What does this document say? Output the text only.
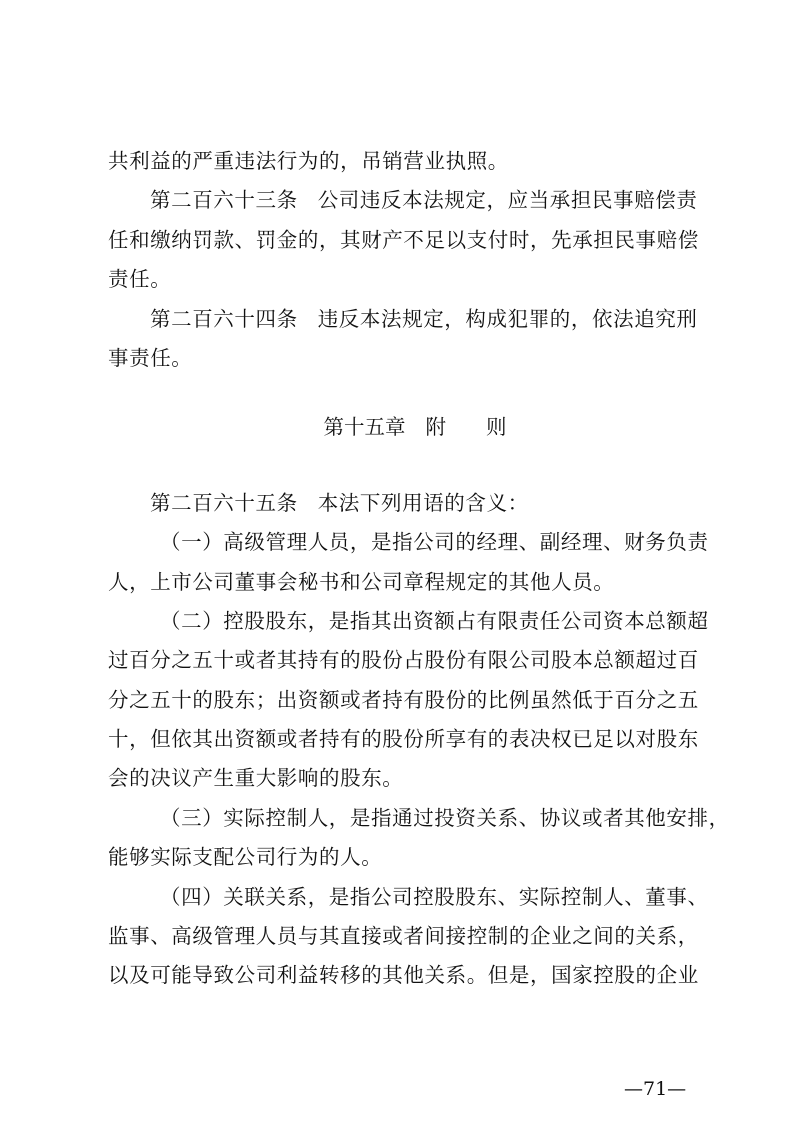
共利益的严重违法行为的，吊销营业执照。
第二百六十三条 公司违反本法规定，应当承担民事赔偿责
任和缴纳罚款、罚金的，其财产不足以支付时，先承担民事赔偿
责任。
第二百六十四条 违反本法规定，构成犯罪的，依法追究刑
事责任。
第十五章 附 则
第二百六十五条 本法下列用语的含义：
（一）高级管理人员，是指公司的经理、副经理、财务负责
人，上市公司董事会秘书和公司章程规定的其他人员。
（二）控股股东，是指其出资额占有限责任公司资本总额超
过百分之五十或者其持有的股份占股份有限公司股本总额超过百
分之五十的股东；出资额或者持有股份的比例虽然低于百分之五
十，但依其出资额或者持有的股份所享有的表决权已足以对股东
会的决议产生重大影响的股东。
（三）实际控制人，是指通过投资关系、协议或者其他安排，
能够实际支配公司行为的人。
（四）关联关系，是指公司控股股东、实际控制人、董事、
监事、高级管理人员与其直接或者间接控制的企业之间的关系，
以及可能导致公司利益转移的其他关系。但是，国家控股的企业
—71—
